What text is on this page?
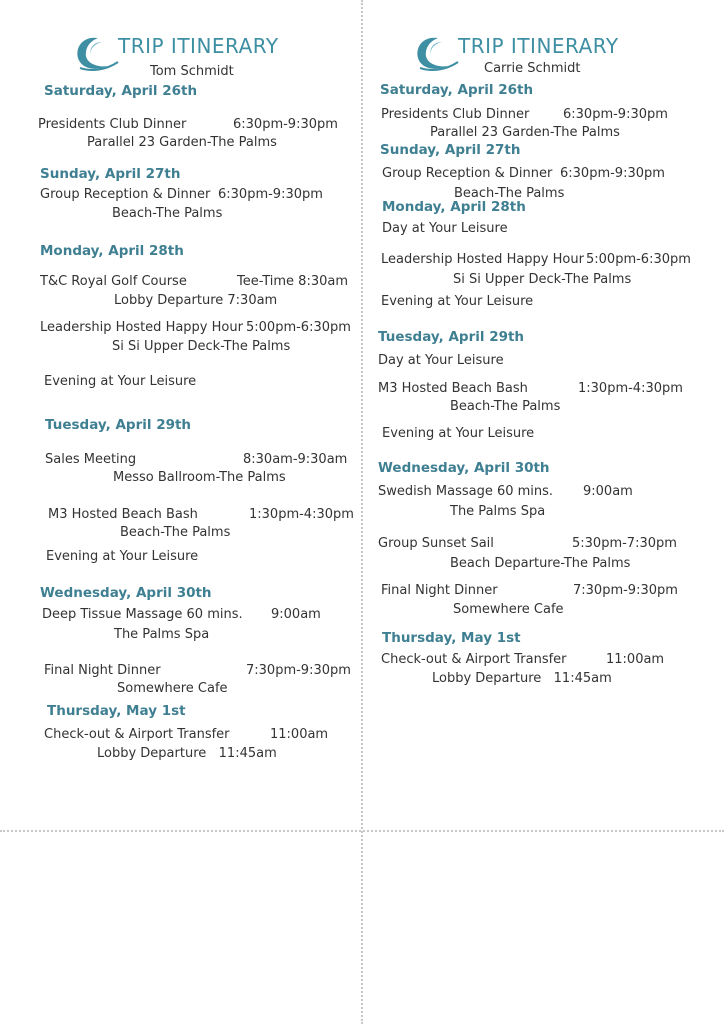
TRIP ITINERARY
Tom Schmidt
Saturday, April 26th
Presidents Club Dinner	6:30pm-9:30pm
Parallel 23 Garden-The Palms
Sunday, April 27th
Group Reception & Dinner 6:30pm-9:30pm
Beach-The Palms
Monday, April 28th
T&C Royal Golf Course	Tee-Time 8:30am
Lobby Departure 7:30am
Leadership Hosted Happy Hour 5:00pm-6:30pm
Si Si Upper Deck-The Palms
Evening at Your Leisure
Tuesday, April 29th
Sales Meeting	8:30am-9:30am
Messo Ballroom-The Palms
M3 Hosted Beach Bash	1:30pm-4:30pm
Beach-The Palms
Evening at Your Leisure
Wednesday, April 30th
Deep Tissue Massage 60 mins. 9:00am
The Palms Spa
Final Night Dinner	7:30pm-9:30pm
Somewhere Cafe
Thursday, May 1st
Check-out & Airport Transfer	11:00am
Lobby Departure   11:45am
TRIP ITINERARY
Carrie Schmidt
Saturday, April 26th
Presidents Club Dinner	6:30pm-9:30pm
Parallel 23 Garden-The Palms
Sunday, April 27th
Group Reception & Dinner 6:30pm-9:30pm
Beach-The Palms
Monday, April 28th
Day at Your Leisure
Leadership Hosted Happy Hour 5:00pm-6:30pm
Si Si Upper Deck-The Palms
Evening at Your Leisure
Tuesday, April 29th
Day at Your Leisure
M3 Hosted Beach Bash	1:30pm-4:30pm
Beach-The Palms
Evening at Your Leisure
Wednesday, April 30th
Swedish Massage 60 mins. 9:00am
The Palms Spa
Group Sunset Sail	5:30pm-7:30pm
Beach Departure-The Palms
Final Night Dinner	7:30pm-9:30pm
Somewhere Cafe
Thursday, May 1st
Check-out & Airport Transfer	11:00am
Lobby Departure   11:45am
